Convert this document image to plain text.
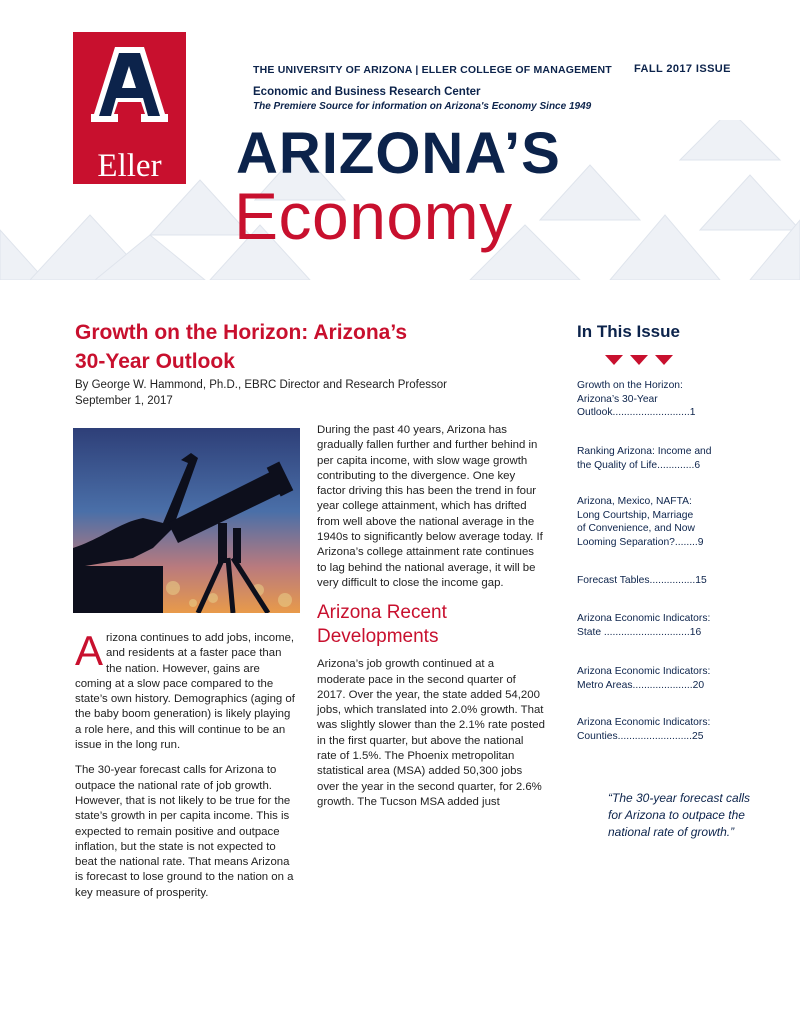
Eller
THE UNIVERSITY OF ARIZONA | ELLER COLLEGE OF MANAGEMENT FALL 2017 ISSUE
Economic and Business Research Center
The Premiere Source for information on Arizona's Economy Since 1949
ARIZONA’S
Economy
Growth on the Horizon: Arizona’s
30-Year Outlook
By George W. Hammond, Ph.D., EBRC Director and Research Professor
September 1, 2017

Arizona continues to add jobs, income, and residents at a faster pace than the nation. However, gains are coming at a slow pace compared to the state’s own history. Demographics (aging of the baby boom generation) is likely playing a role here, and this will continue to be an issue in the long run.

The 30-year forecast calls for Arizona to outpace the national rate of job growth. However, that is not likely to be true for the state’s growth in per capita income. This is expected to remain positive and outpace inflation, but the state is not expected to beat the national rate. That means Arizona is forecast to lose ground to the nation on a key measure of prosperity.

During the past 40 years, Arizona has gradually fallen further and further behind in per capita income, with slow wage growth contributing to the divergence. One key factor driving this has been the trend in four year college attainment, which has drifted from well above the national average in the 1940s to significantly below average today. If Arizona’s college attainment rate continues to lag behind the national average, it will be very difficult to close the income gap.

Arizona Recent
Developments

Arizona’s job growth continued at a moderate pace in the second quarter of 2017. Over the year, the state added 54,200 jobs, which translated into 2.0% growth. That was slightly slower than the 2.1% rate posted in the first quarter, but above the national rate of 1.5%. The Phoenix metropolitan statistical area (MSA) added 50,300 jobs over the year in the second quarter, for 2.6% growth. The Tucson MSA added just

In This Issue
Growth on the Horizon:
Arizona’s 30-Year
Outlook...........................1
Ranking Arizona: Income and
the Quality of Life.............6
Arizona, Mexico, NAFTA:
Long Courtship, Marriage
of Convenience, and Now
Looming Separation?........9
Forecast Tables................15
Arizona Economic Indicators:
State ..............................16
Arizona Economic Indicators:
Metro Areas.....................20
Arizona Economic Indicators:
Counties..........................25
“The 30-year forecast calls for Arizona to outpace the national rate of growth.”
